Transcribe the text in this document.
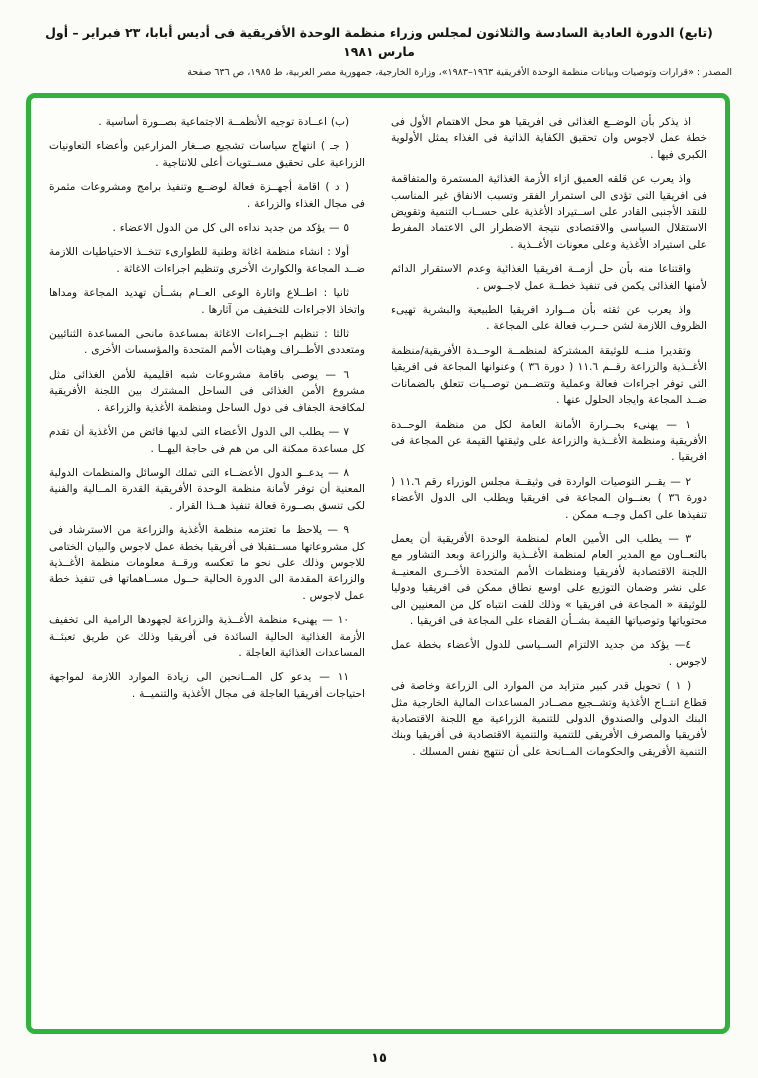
(تابع) الدورة العادية السادسة والثلاثون لمجلس وزراء منظمة الوحدة الأفريقية فى أديس أبابا، ٢٣ فبراير – أول مارس ١٩٨١
المصدر : «قرارات وتوصيات وبيانات منظمة الوحدة الأفريقية ١٩٦٣–١٩٨٣»، وزارة الخارجية، جمهورية مصر العربية، ط ١٩٨٥، ص ٦٣٦ صفحة

اذ يذكر بأن الوضــع الغذائى فى افريقيا هو محل الاهتمام الأول فى خطة عمل لاجوس وان تحقيق الكفاية الذاتية فى الغذاء يمثل الأولوية الكبرى فيها .

واذ يعرب عن قلقه العميق ازاء الأزمة الغذائية المستمرة والمتفاقمة فى افريقيا التى تؤدى الى استمرار الفقر وتسبب الانفاق غير المناسب للنقد الأجنبى القادر على اســتيراد الأغذية على حســاب التنمية وتقويض الاستقلال السياسى والاقتصادى نتيجة الاضطرار الى الاعتماد المفرط على استيراد الأغذية وعلى معونات الأغــذية .

واقتناعا منه بأن حل أزمــة افريقيا الغذائية وعدم الاستقرار الدائم لأمنها الغذائى يكمن فى تنفيذ خطــة عمل لاجــوس .

واذ يعرب عن ثقته بأن مــوارد افريقيا الطبيعية والبشرية تهيىء الظروف اللازمة لشن حــرب فعالة على المجاعة .

وتقديرا منــه للوثيقة المشتركة لمنظمــة الوحــدة الأفريقية/منظمة الأغــذية والزراعة رقــم ١١.٦ ( دورة ٣٦ ) وعنوانها المجاعة فى افريقيا التى توفر اجراءات فعالة وعملية وتتضــمن توصــيات تتعلق بالضمانات ضــد المجاعة وايجاد الحلول عنها .

١ — يهنىء بحــرارة الأمانة العامة لكل من منظمة الوحــدة الأفريقية ومنظمة الأغــذية والزراعة على وثيقتها القيمة عن المجاعة فى افريقيا .

٢ — يقــر التوصيات الواردة فى وثيقــة مجلس الوزراء رقم ١١.٦ ( دورة ٣٦ ) بعنــوان المجاعة فى افريقيا ويطلب الى الدول الأعضاء تنفيذها على اكمل وجــه ممكن .

٣ — يطلب الى الأمين العام لمنظمة الوحدة الأفريقية أن يعمل بالتعــاون مع المدير العام لمنظمة الأغــذية والزراعة وبعد التشاور مع اللجنة الاقتصادية لأفريقيا ومنظمات الأمم المتحدة الأخــرى المعنيــة على نشر وضمان التوزيع على اوسع نطاق ممكن فى افريقيا ودوليا للوثيقة « المجاعة فى افريقيا » وذلك للفت انتباه كل من المعنيين الى محتوياتها وتوصياتها القيمة بشــأن القضاء على المجاعة فى افريقيا .

٤— يؤكد من جديد الالتزام الســياسى للدول الأعضاء بخطة عمل لاجوس .

( ١ ) تحويل قدر كبير متزايد من الموارد الى الزراعة وخاصة فى قطاع انتــاج الأغذية وتشــجيع مصــادر المساعدات المالية الخارجية مثل البنك الدولى والصندوق الدولى للتنمية الزراعية مع اللجنة الاقتصادية لأفريقيا والمصرف الأفريقى للتنمية والتنمية الاقتصادية فى أفريقيا وبنك التنمية الأفريقى والحكومات المــانحة على أن تنتهج نفس المسلك .

(ب) اعــادة توجيه الأنظمــة الاجتماعية بصــورة أساسية .

( جـ ) انتهاج سياسات تشجيع صــغار المزارعين وأعضاء التعاونيات الزراعية على تحقيق مســتويات أعلى للانتاجية .

( د ) اقامة أجهــزة فعالة لوضــع وتنفيذ برامج ومشروعات مثمرة فى مجال الغذاء والزراعة .

٥ — يؤكد من جديد نداءه الى كل من الدول الاعضاء .

أولا : انشاء منظمة اغاثة وطنية للطوارىء تتخــذ الاحتياطيات اللازمة ضــد المجاعة والكوارث الأخرى وتنظيم اجراءات الاغاثة .

ثانيا : اطــلاع واثارة الوعى العــام بشــأن تهديد المجاعة ومداها واتخاذ الاجراءات للتخفيف من آثارها .

ثالثا : تنظيم اجــراءات الاغاثة بمساعدة مانحى المساعدة الثنائيين ومتعددى الأطــراف وهيئات الأمم المتحدة والمؤسسات الأخرى .

٦ — يوصى باقامة مشروعات شبه اقليمية للأمن الغذائى مثل مشروع الأمن الغذائى فى الساحل المشترك بين اللجنة الأفريقية لمكافحة الجفاف فى دول الساحل ومنظمة الأغذية والزراعة .

٧ — يطلب الى الدول الأعضاء التى لديها فائض من الأغذية أن تقدم كل مساعدة ممكنة الى من هم فى حاجة اليهــا .

٨ — يدعــو الدول الأعضــاء التى تملك الوسائل والمنظمات الدولية المعنية أن توفر لأمانة منظمة الوحدة الأفريقية القدرة المــالية والفنية لكى تنسق بصــورة فعالة تنفيذ هــذا القرار .

٩ — يلاحظ ما تعتزمه منظمة الأغذية والزراعة من الاسترشاد فى كل مشروعاتها مســتقبلا فى أفريقيا بخطة عمل لاجوس والبيان الختامى للاجوس وذلك على نحو ما تعكسه ورقــة معلومات منظمة الأغــذية والزراعة المقدمة الى الدورة الحالية حــول مســاهماتها فى تنفيذ خطة عمل لاجوس .

١٠ — يهنىء منظمة الأغــذية والزراعة لجهودها الرامية الى تخفيف الأزمة الغذائية الحالية السائدة فى أفريقيا وذلك عن طريق تعبئــة المساعدات الغذائية العاجلة .

١١ — يدعو كل المــانحين الى زيادة الموارد اللازمة لمواجهة احتياجات أفريقيا العاجلة فى مجال الأغذية والتنميــة .

١٥
